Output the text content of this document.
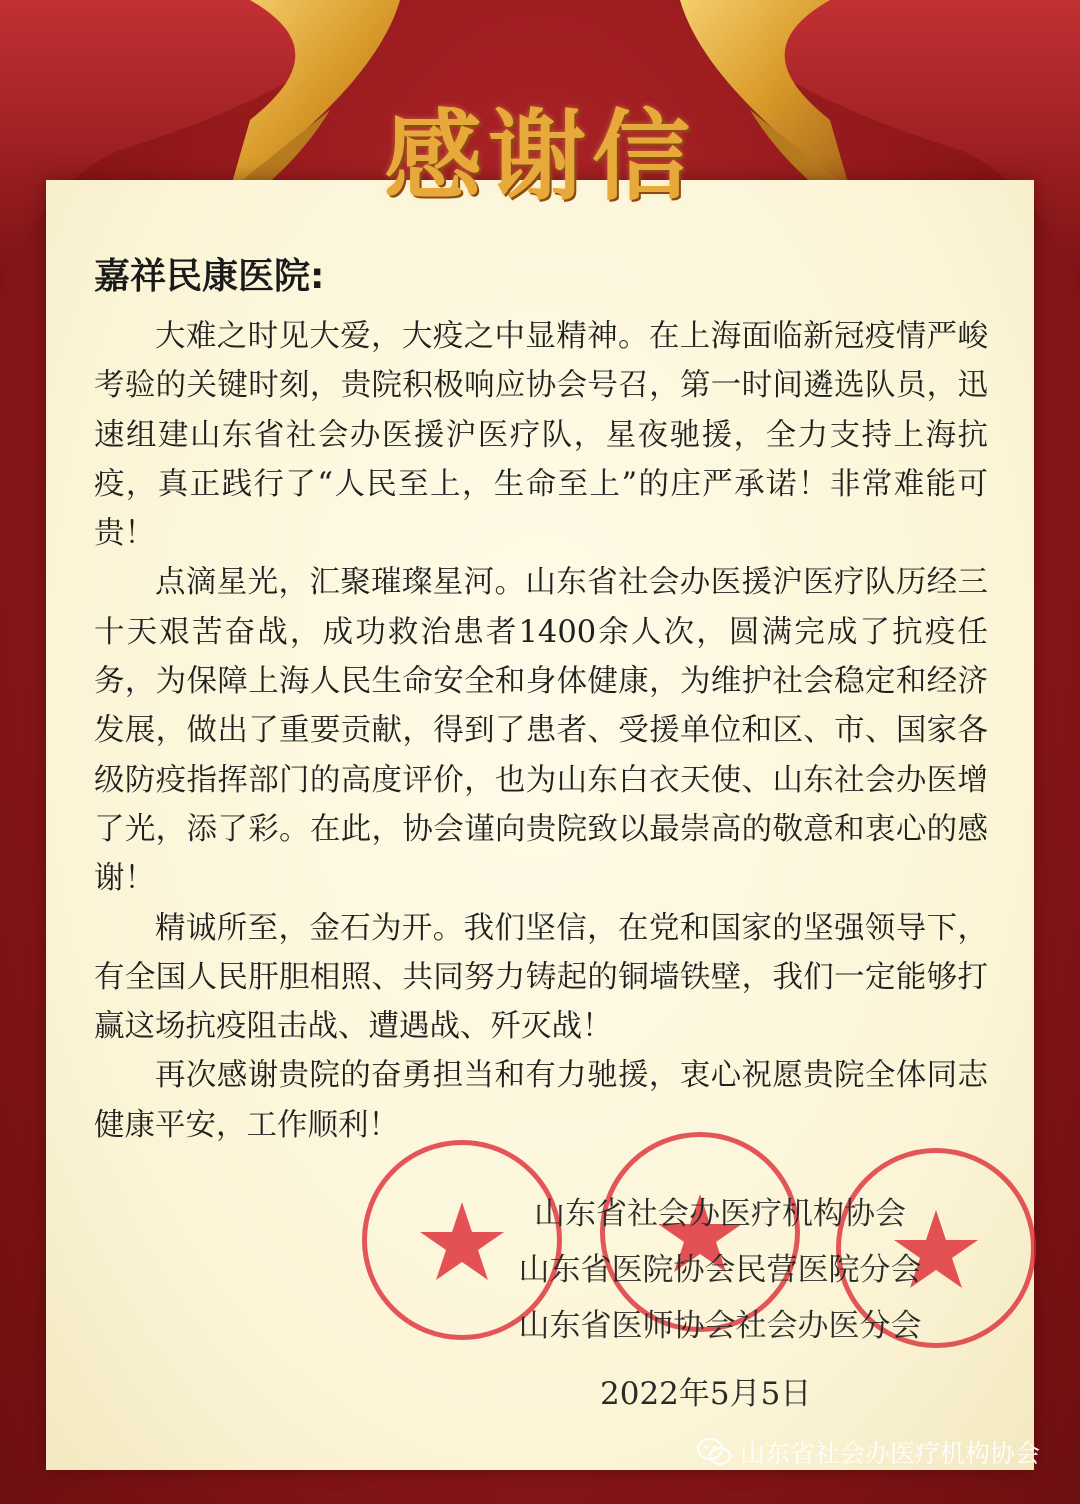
感谢信
嘉祥民康医院:

大难之时见大爱，大疫之中显精神。在上海面临新冠疫情严峻考验的关键时刻，贵院积极响应协会号召，第一时间遴选队员，迅速组建山东省社会办医援沪医疗队，星夜驰援，全力支持上海抗疫，真正践行了“人民至上，生命至上”的庄严承诺！非常难能可贵！

点滴星光，汇聚璀璨星河。山东省社会办医援沪医疗队历经三十天艰苦奋战，成功救治患者1400余人次，圆满完成了抗疫任务，为保障上海人民生命安全和身体健康，为维护社会稳定和经济发展，做出了重要贡献，得到了患者、受援单位和区、市、国家各级防疫指挥部门的高度评价，也为山东白衣天使、山东社会办医增了光，添了彩。在此，协会谨向贵院致以最崇高的敬意和衷心的感谢！

精诚所至，金石为开。我们坚信，在党和国家的坚强领导下，有全国人民肝胆相照、共同努力铸起的铜墙铁壁，我们一定能够打赢这场抗疫阻击战、遭遇战、歼灭战！

再次感谢贵院的奋勇担当和有力驰援，衷心祝愿贵院全体同志健康平安，工作顺利！

山东省社会办医疗机构协会
山东省医院协会民营医院分会
山东省医师协会社会办医分会
2022年5月5日
山东省社会办医疗机构协会
